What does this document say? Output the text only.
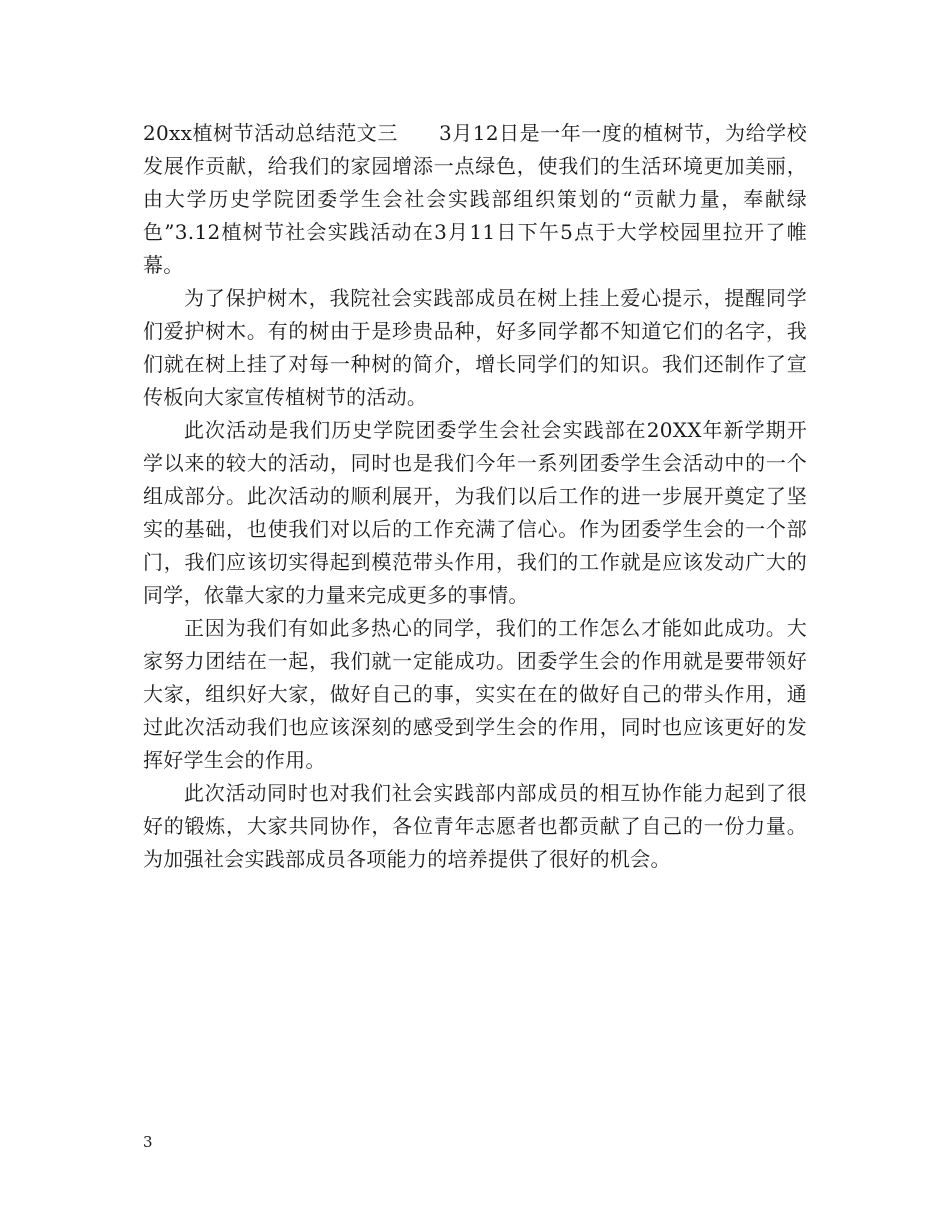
20xx植树节活动总结范文三　　3月12日是一年一度的植树节，为给学校发展作贡献，给我们的家园增添一点绿色，使我们的生活环境更加美丽，由大学历史学院团委学生会社会实践部组织策划的“贡献力量，奉献绿色”3.12植树节社会实践活动在3月11日下午5点于大学校园里拉开了帷幕。

为了保护树木，我院社会实践部成员在树上挂上爱心提示，提醒同学们爱护树木。有的树由于是珍贵品种，好多同学都不知道它们的名字，我们就在树上挂了对每一种树的简介，增长同学们的知识。我们还制作了宣传板向大家宣传植树节的活动。

此次活动是我们历史学院团委学生会社会实践部在20XX年新学期开学以来的较大的活动，同时也是我们今年一系列团委学生会活动中的一个组成部分。此次活动的顺利展开，为我们以后工作的进一步展开奠定了坚实的基础，也使我们对以后的工作充满了信心。作为团委学生会的一个部门，我们应该切实得起到模范带头作用，我们的工作就是应该发动广大的同学，依靠大家的力量来完成更多的事情。

正因为我们有如此多热心的同学，我们的工作怎么才能如此成功。大家努力团结在一起，我们就一定能成功。团委学生会的作用就是要带领好大家，组织好大家，做好自己的事，实实在在的做好自己的带头作用，通过此次活动我们也应该深刻的感受到学生会的作用，同时也应该更好的发挥好学生会的作用。

此次活动同时也对我们社会实践部内部成员的相互协作能力起到了很好的锻炼，大家共同协作，各位青年志愿者也都贡献了自己的一份力量。为加强社会实践部成员各项能力的培养提供了很好的机会。

3
